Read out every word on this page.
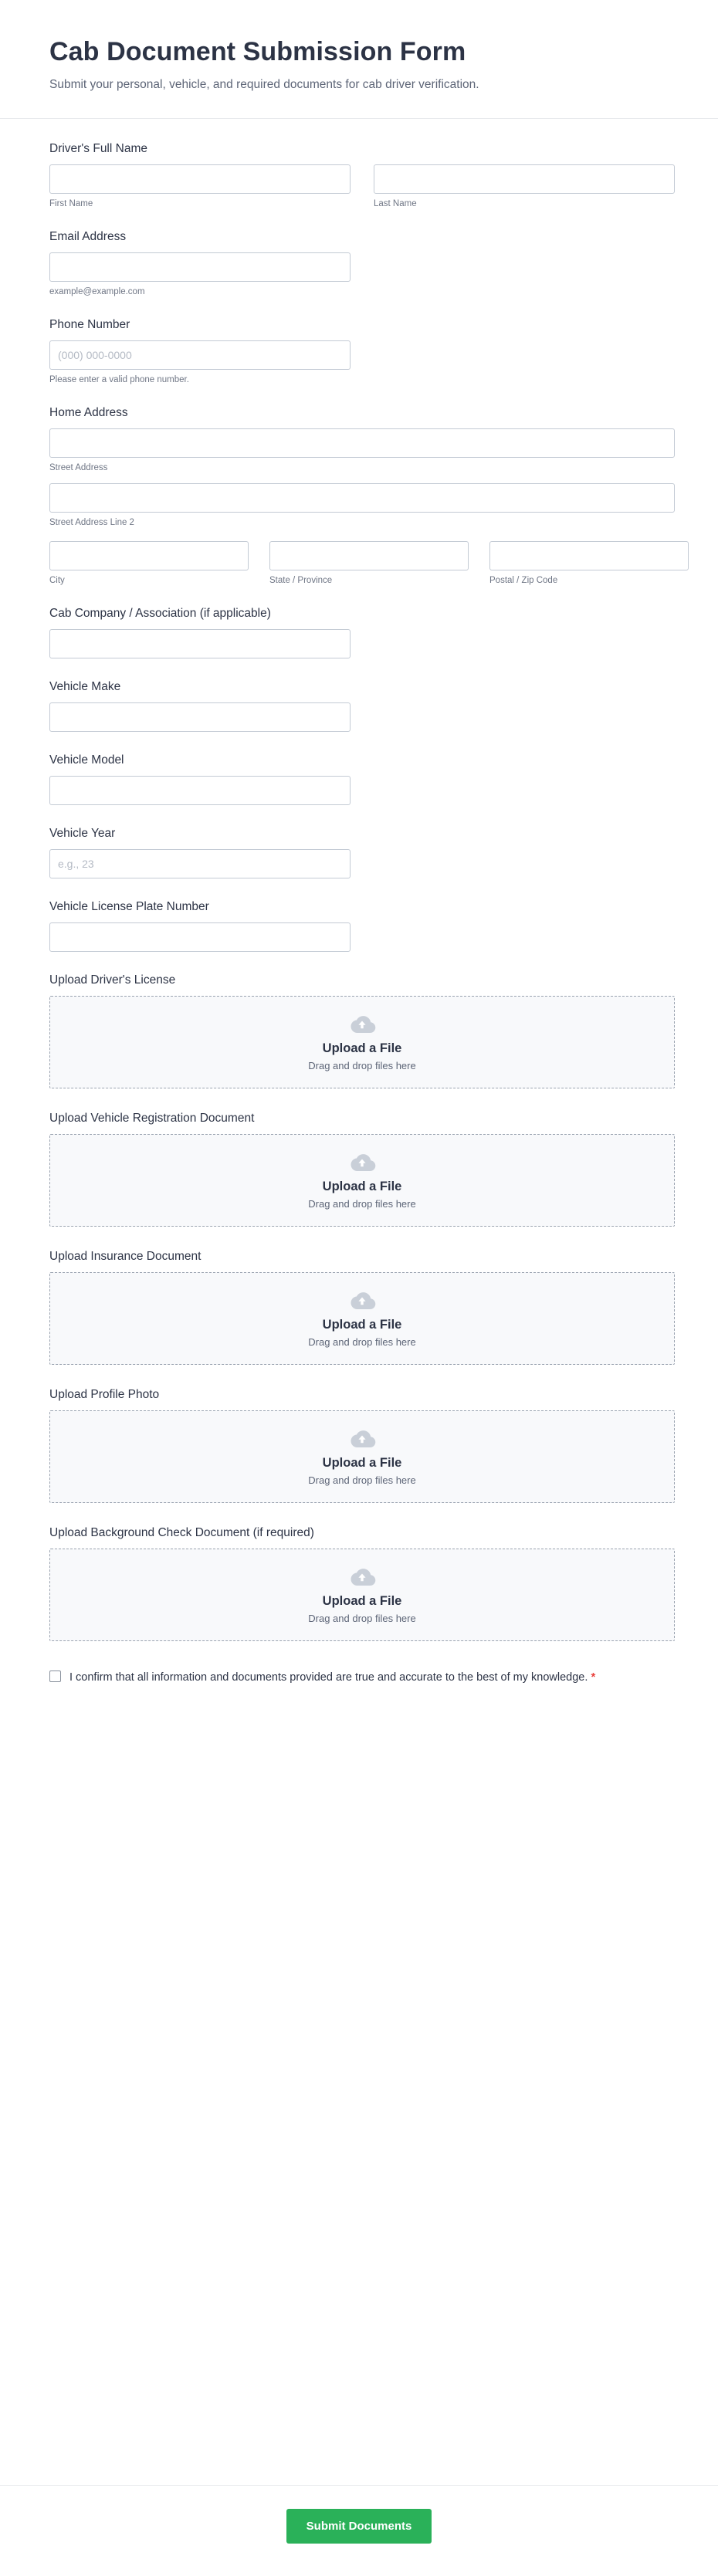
Cab Document Submission Form

Submit your personal, vehicle, and required documents for cab driver verification.

Driver's Full Name
First Name	Last Name
Email Address
example@example.com
Phone Number
(000) 000-0000
Please enter a valid phone number.
Home Address
Street Address
Street Address Line 2
City	State / Province	Postal / Zip Code
Cab Company / Association (if applicable)
Vehicle Make
Vehicle Model
Vehicle Year
e.g., 23
Vehicle License Plate Number
Upload Driver's License
Upload a File
Drag and drop files here
Upload Vehicle Registration Document
Upload a File
Drag and drop files here
Upload Insurance Document
Upload a File
Drag and drop files here
Upload Profile Photo
Upload a File
Drag and drop files here
Upload Background Check Document (if required)
Upload a File
Drag and drop files here
I confirm that all information and documents provided are true and accurate to the best of my knowledge. *
Submit Documents
